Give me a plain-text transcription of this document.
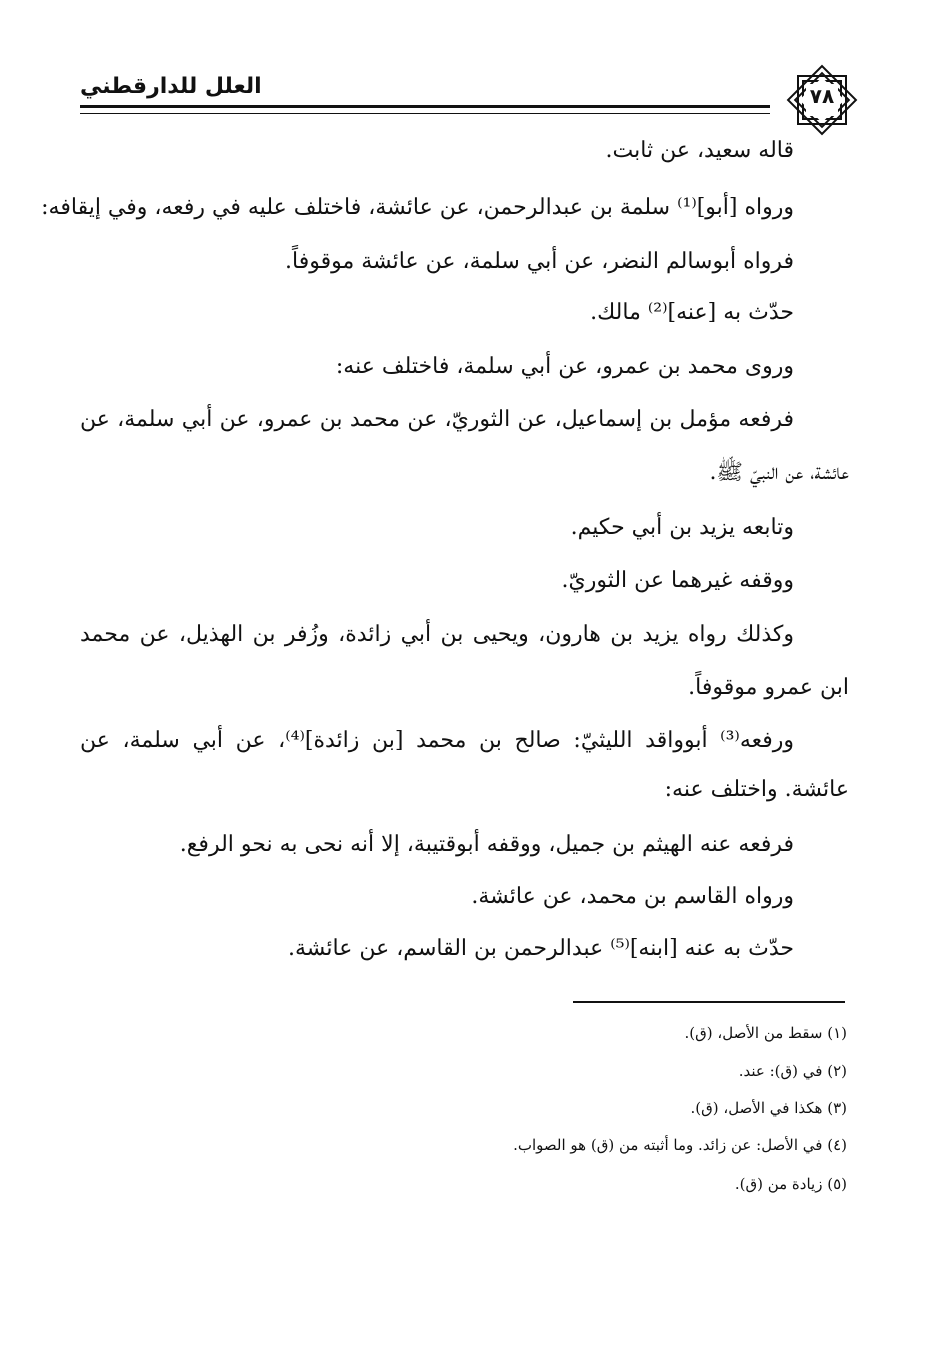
العلل للدارقطني	٧٨
قاله سعيد، عن ثابت.
ورواه [أبو]⁽¹⁾ سلمة بن عبدالرحمن، عن عائشة، فاختلف عليه في رفعه، وفي إيقافه:
فرواه أبوسالم النضر، عن أبي سلمة، عن عائشة موقوفاً.
حدّث به [عنه]⁽²⁾ مالك.
وروى محمد بن عمرو، عن أبي سلمة، فاختلف عنه:
فرفعه مؤمل بن إسماعيل، عن الثوريّ، عن محمد بن عمرو، عن أبي سلمة، عن
عائشة، عن النبيّ ﷺ.
وتابعه يزيد بن أبي حكيم.
ووقفه غيرهما عن الثوريّ.
وكذلك رواه يزيد بن هارون، ويحيى بن أبي زائدة، وزُفر بن الهذيل، عن محمد
ابن عمرو موقوفاً.
ورفعه⁽³⁾ أبوواقد الليثيّ: صالح بن محمد [بن زائدة]⁽⁴⁾، عن أبي سلمة، عن
عائشة. واختلف عنه:
فرفعه عنه الهيثم بن جميل، ووقفه أبوقتيبة، إلا أنه نحى به نحو الرفع.
ورواه القاسم بن محمد، عن عائشة.
حدّث به عنه [ابنه]⁽⁵⁾ عبدالرحمن بن القاسم، عن عائشة.
(١) سقط من الأصل، (ق).
(٢) في (ق): عند.
(٣) هكذا في الأصل، (ق).
(٤) في الأصل: عن زائد. وما أثبته من (ق) هو الصواب.
(٥) زيادة من (ق).
